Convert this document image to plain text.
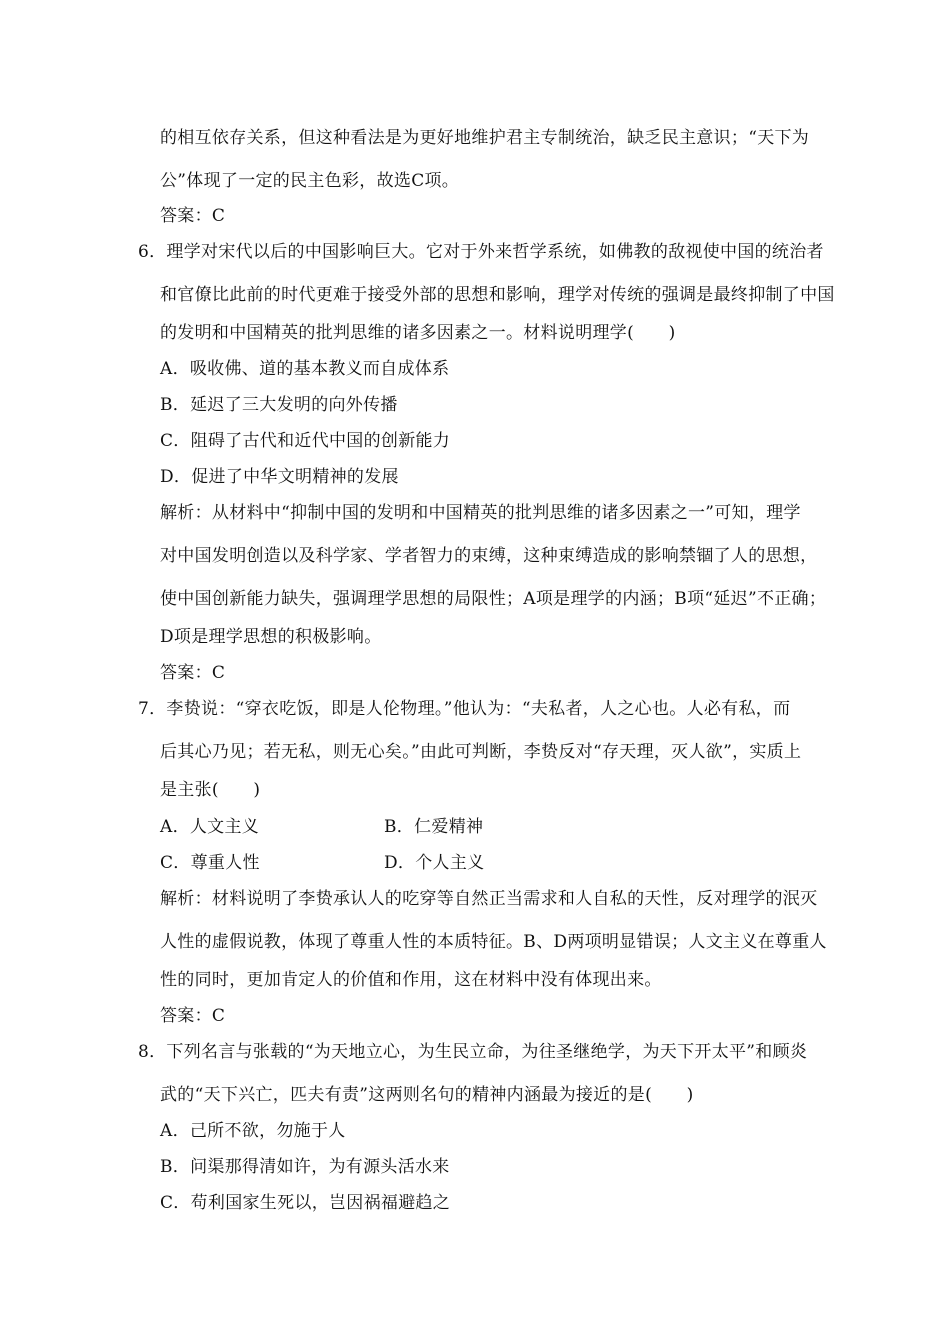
的相互依存关系，但这种看法是为更好地维护君主专制统治，缺乏民主意识；“天下为
公”体现了一定的民主色彩，故选C项。
答案：C
6．理学对宋代以后的中国影响巨大。它对于外来哲学系统，如佛教的敌视使中国的统治者
和官僚比此前的时代更难于接受外部的思想和影响，理学对传统的强调是最终抑制了中国
的发明和中国精英的批判思维的诸多因素之一。材料说明理学(　　)
A．吸收佛、道的基本教义而自成体系
B．延迟了三大发明的向外传播
C．阻碍了古代和近代中国的创新能力
D．促进了中华文明精神的发展
解析：从材料中“抑制中国的发明和中国精英的批判思维的诸多因素之一”可知，理学
对中国发明创造以及科学家、学者智力的束缚，这种束缚造成的影响禁锢了人的思想，
使中国创新能力缺失，强调理学思想的局限性；A项是理学的内涵；B项“延迟”不正确；
D项是理学思想的积极影响。
答案：C
7．李贽说：“穿衣吃饭，即是人伦物理。”他认为：“夫私者，人之心也。人必有私，而
后其心乃见；若无私，则无心矣。”由此可判断，李贽反对“存天理，灭人欲”，实质上
是主张(　　)
A．人文主义	B．仁爱精神
C．尊重人性	D．个人主义
解析：材料说明了李贽承认人的吃穿等自然正当需求和人自私的天性，反对理学的泯灭
人性的虚假说教，体现了尊重人性的本质特征。B、D两项明显错误；人文主义在尊重人
性的同时，更加肯定人的价值和作用，这在材料中没有体现出来。
答案：C
8．下列名言与张载的“为天地立心，为生民立命，为往圣继绝学，为天下开太平”和顾炎
武的“天下兴亡，匹夫有责”这两则名句的精神内涵最为接近的是(　　)
A．己所不欲，勿施于人
B．问渠那得清如许，为有源头活水来
C．苟利国家生死以，岂因祸福避趋之
